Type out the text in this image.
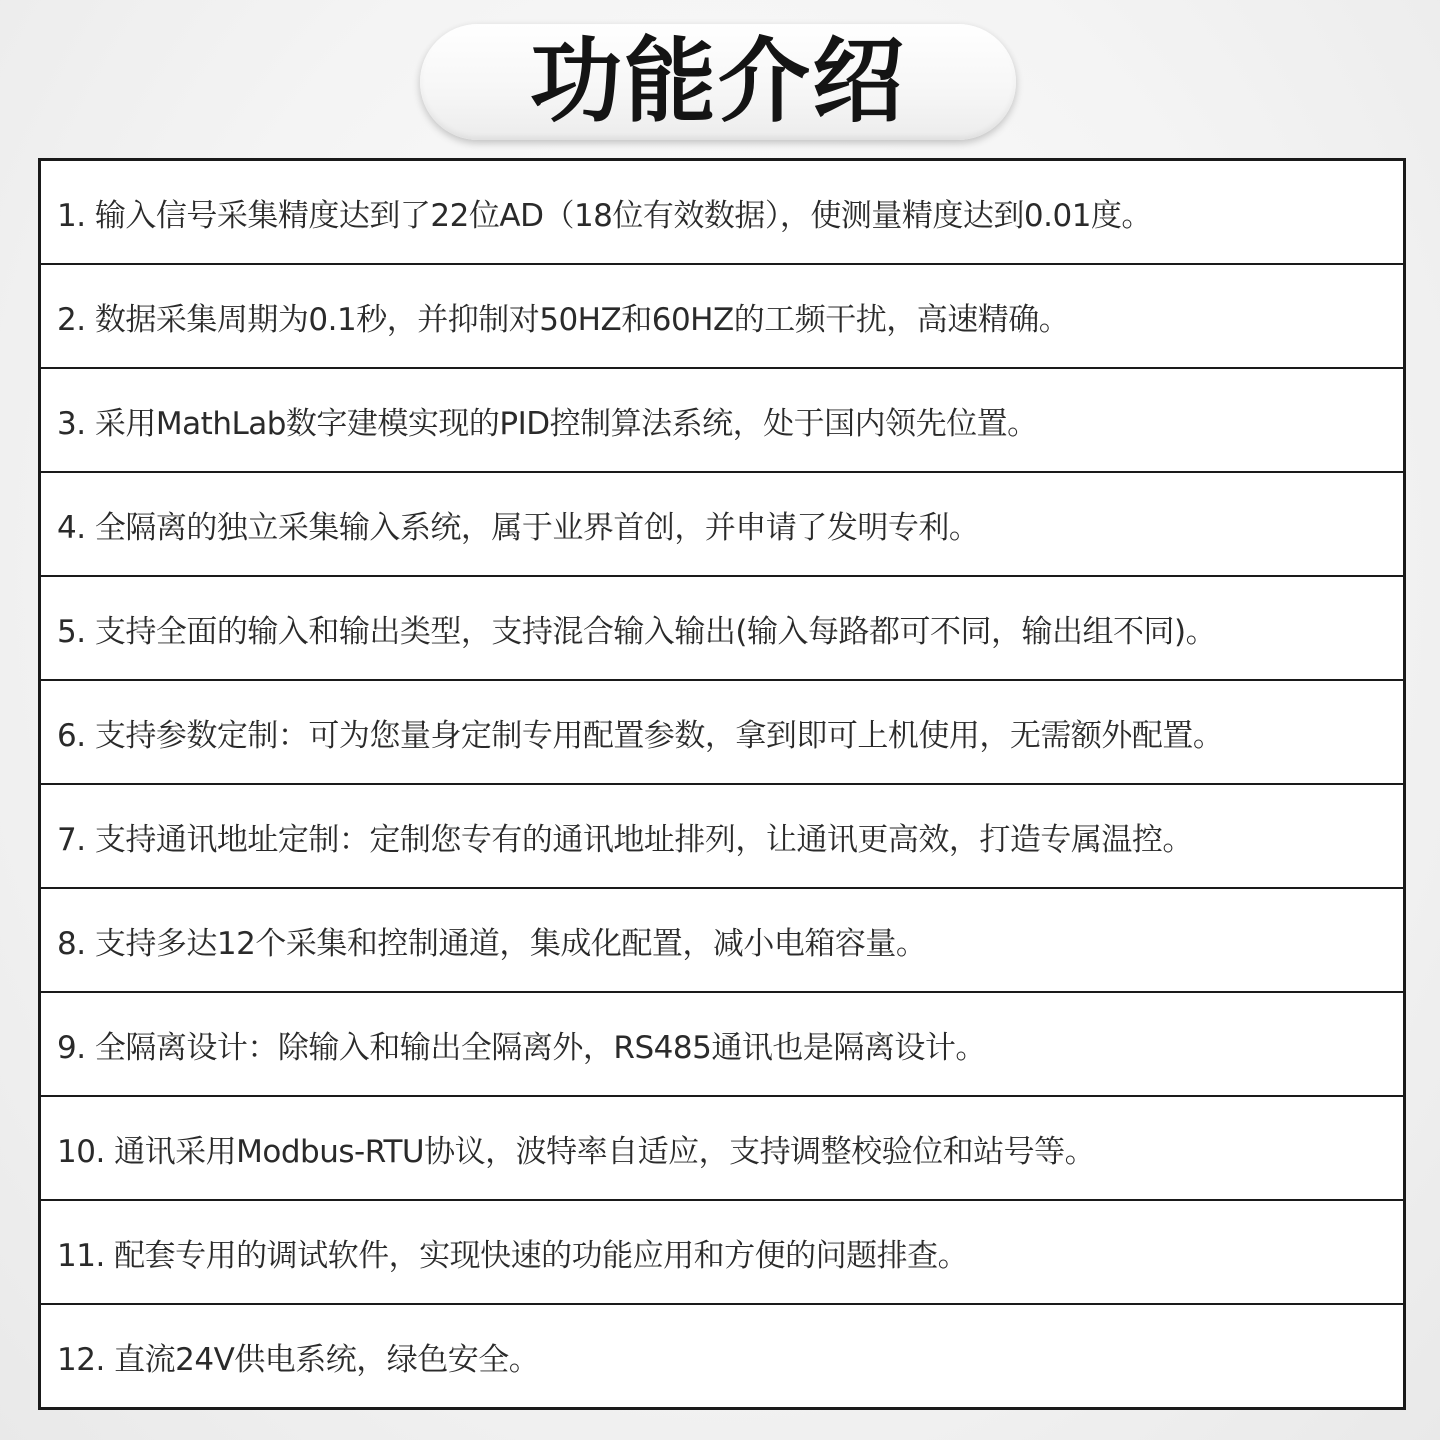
功能介绍
1. 输入信号采集精度达到了22位AD（18位有效数据），使测量精度达到0.01度。
2. 数据采集周期为0.1秒，并抑制对50HZ和60HZ的工频干扰，高速精确。
3. 采用MathLab数字建模实现的PID控制算法系统，处于国内领先位置。
4. 全隔离的独立采集输入系统，属于业界首创，并申请了发明专利。
5. 支持全面的输入和输出类型，支持混合输入输出(输入每路都可不同，输出组不同)。
6. 支持参数定制：可为您量身定制专用配置参数，拿到即可上机使用，无需额外配置。
7. 支持通讯地址定制：定制您专有的通讯地址排列，让通讯更高效，打造专属温控。
8. 支持多达12个采集和控制通道，集成化配置，减小电箱容量。
9. 全隔离设计：除输入和输出全隔离外，RS485通讯也是隔离设计。
10. 通讯采用Modbus-RTU协议，波特率自适应，支持调整校验位和站号等。
11. 配套专用的调试软件，实现快速的功能应用和方便的问题排查。
12. 直流24V供电系统，绿色安全。
